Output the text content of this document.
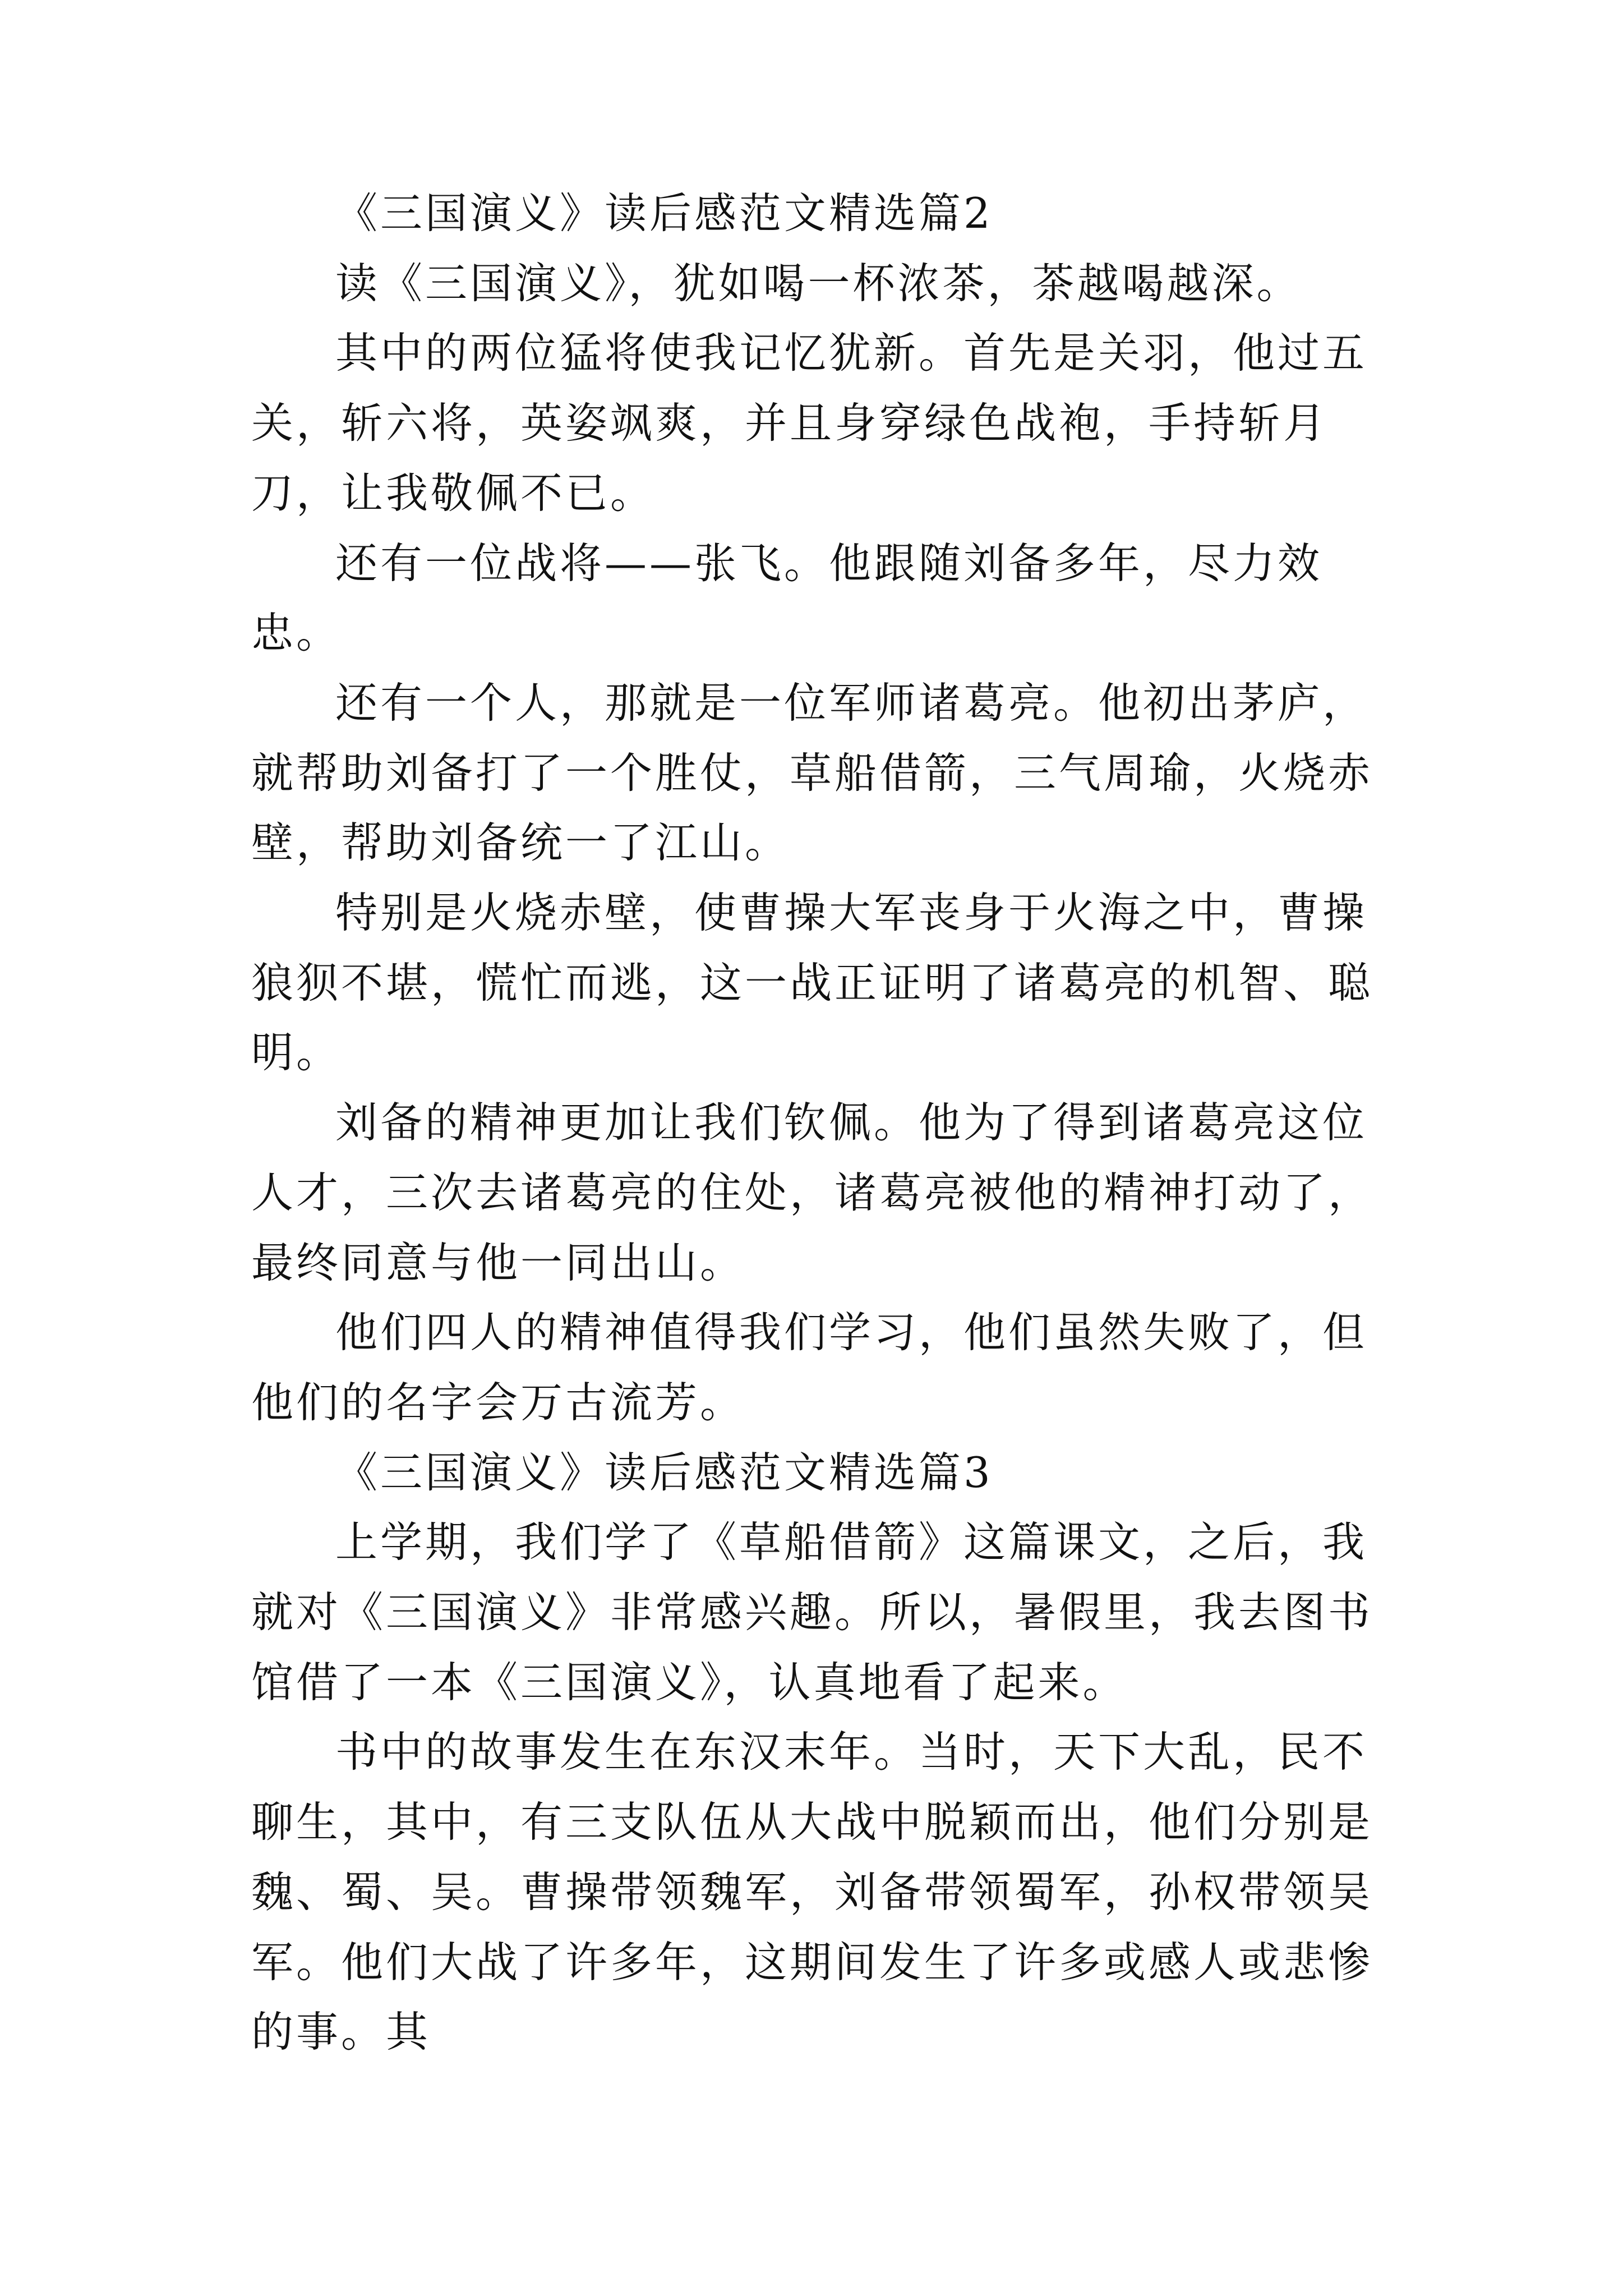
《三国演义》读后感范文精选篇2

读《三国演义》，犹如喝一杯浓茶，茶越喝越深。

其中的两位猛将使我记忆犹新。首先是关羽，他过五关，斩六将，英姿飒爽，并且身穿绿色战袍，手持斩月刀，让我敬佩不已。

还有一位战将——张飞。他跟随刘备多年，尽力效忠。

还有一个人，那就是一位军师诸葛亮。他初出茅庐，就帮助刘备打了一个胜仗，草船借箭，三气周瑜，火烧赤壁，帮助刘备统一了江山。

特别是火烧赤壁，使曹操大军丧身于火海之中，曹操狼狈不堪，慌忙而逃，这一战正证明了诸葛亮的机智、聪明。

刘备的精神更加让我们钦佩。他为了得到诸葛亮这位人才，三次去诸葛亮的住处，诸葛亮被他的精神打动了，最终同意与他一同出山。

他们四人的精神值得我们学习，他们虽然失败了，但他们的名字会万古流芳。

《三国演义》读后感范文精选篇3

上学期，我们学了《草船借箭》这篇课文，之后，我就对《三国演义》非常感兴趣。所以，暑假里，我去图书馆借了一本《三国演义》，认真地看了起来。

书中的故事发生在东汉末年。当时，天下大乱，民不聊生，其中，有三支队伍从大战中脱颖而出，他们分别是魏、蜀、吴。曹操带领魏军，刘备带领蜀军，孙权带领吴军。他们大战了许多年，这期间发生了许多或感人或悲惨的事。其
